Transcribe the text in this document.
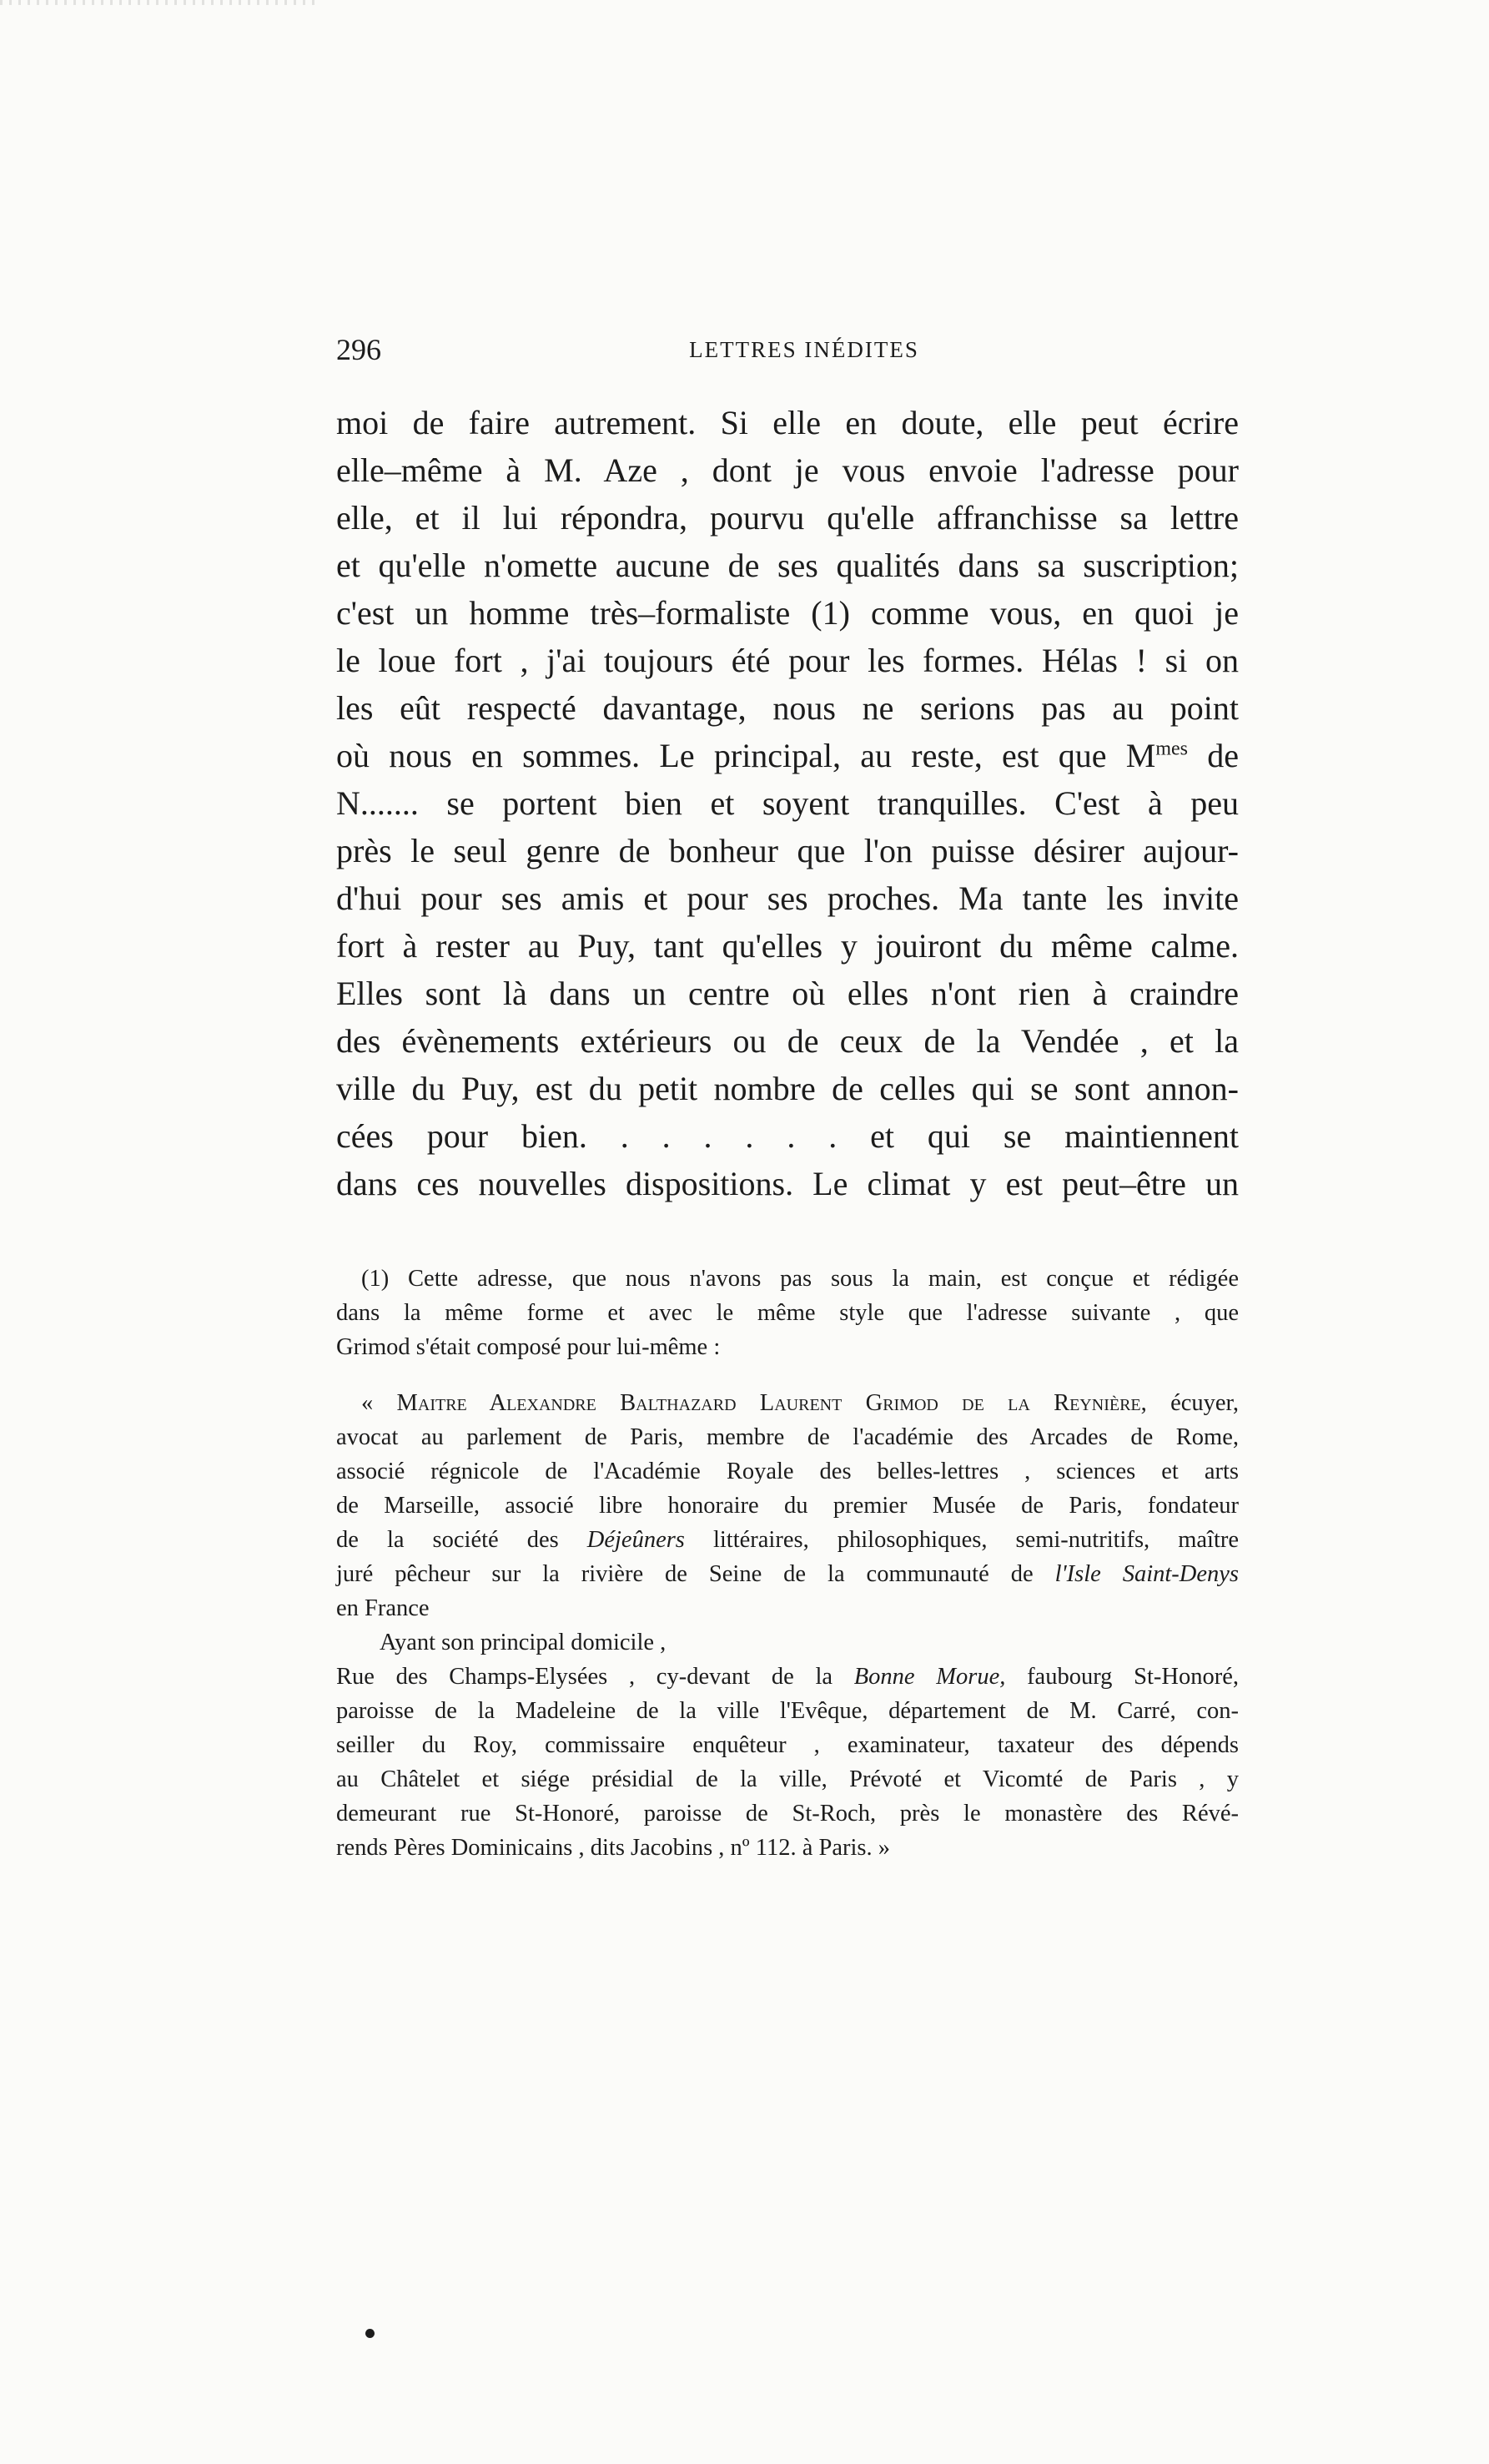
296	LETTRES INÉDITES
moi de faire autrement. Si elle en doute, elle peut écrire
elle–même à M. Aze , dont je vous envoie l'adresse pour
elle, et il lui répondra, pourvu qu'elle affranchisse sa lettre
et qu'elle n'omette aucune de ses qualités dans sa suscription;
c'est un homme très–formaliste (1) comme vous, en quoi je
le loue fort , j'ai toujours été pour les formes. Hélas ! si on
les eût respecté davantage, nous ne serions pas au point
où nous en sommes. Le principal, au reste, est que $M^{mes}$ de
N....... se portent bien et soyent tranquilles. C'est à peu
près le seul genre de bonheur que l'on puisse désirer aujour-
d'hui pour ses amis et pour ses proches. Ma tante les invite
fort à rester au Puy, tant qu'elles y jouiront du même calme.
Elles sont là dans un centre où elles n'ont rien à craindre
des évènements extérieurs ou de ceux de la Vendée , et la
ville du Puy, est du petit nombre de celles qui se sont annon-
cées pour bien. . . . . . . et qui se maintiennent
dans ces nouvelles dispositions. Le climat y est peut–être un
(1) Cette adresse, que nous n'avons pas sous la main, est conçue et rédigée
dans la même forme et avec le même style que l'adresse suivante , que
Grimod s'était composé pour lui-même :
« Maitre Alexandre Balthazard Laurent Grimod de la Reynière, écuyer,
avocat au parlement de Paris, membre de l'académie des Arcades de Rome,
associé régnicole de l'Académie Royale des belles-lettres , sciences et arts
de Marseille, associé libre honoraire du premier Musée de Paris, fondateur
de la société des Déjeûners littéraires, philosophiques, semi-nutritifs, maître
juré pêcheur sur la rivière de Seine de la communauté de l'Isle Saint-Denys
en France
Ayant son principal domicile ,
Rue des Champs-Elysées , cy-devant de la Bonne Morue, faubourg St-Honoré,
paroisse de la Madeleine de la ville l'Evêque, département de M. Carré, con-
seiller du Roy, commissaire enquêteur , examinateur, taxateur des dépends
au Châtelet et siége présidial de la ville, Prévoté et Vicomté de Paris , y
demeurant rue St-Honoré, paroisse de St-Roch, près le monastère des Révé-
rends Pères Dominicains , dits Jacobins , nº 112. à Paris. »
